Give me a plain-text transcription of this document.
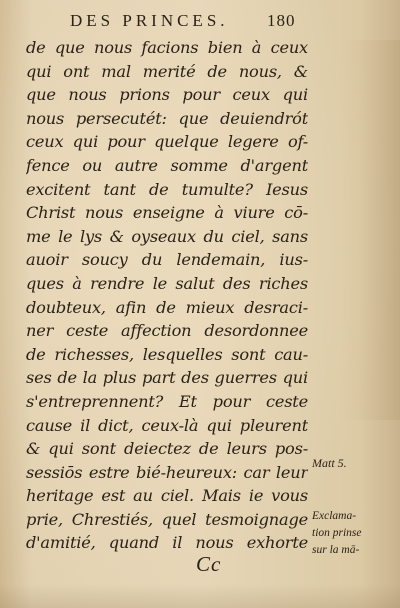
DES PRINCES. 180
de que nous facions bien à ceux
qui ont mal merité de nous, &
que nous prions pour ceux qui
nous persecutét: que deuiendrót
ceux qui pour quelque legere of-
fence ou autre somme d'argent
excitent tant de tumulte? Iesus
Christ nous enseigne à viure cō-
me le lys & oyseaux du ciel, sans
auoir soucy du lendemain, ius-
ques à rendre le salut des riches
doubteux, afin de mieux desraci-
ner ceste affection desordonnee
de richesses, lesquelles sont cau-
ses de la plus part des guerres qui
s'entreprennent? Et pour ceste
cause il dict, ceux-là qui pleurent
& qui sont deiectez de leurs pos-
sessiōs estre bié-heureux: car leur
heritage est au ciel. Mais ie vous
prie, Chrestiés, quel tesmoignage
d'amitié, quand il nous exhorte
Matt 5.
Exclama-
tion prinse
sur la mā-
Cc
